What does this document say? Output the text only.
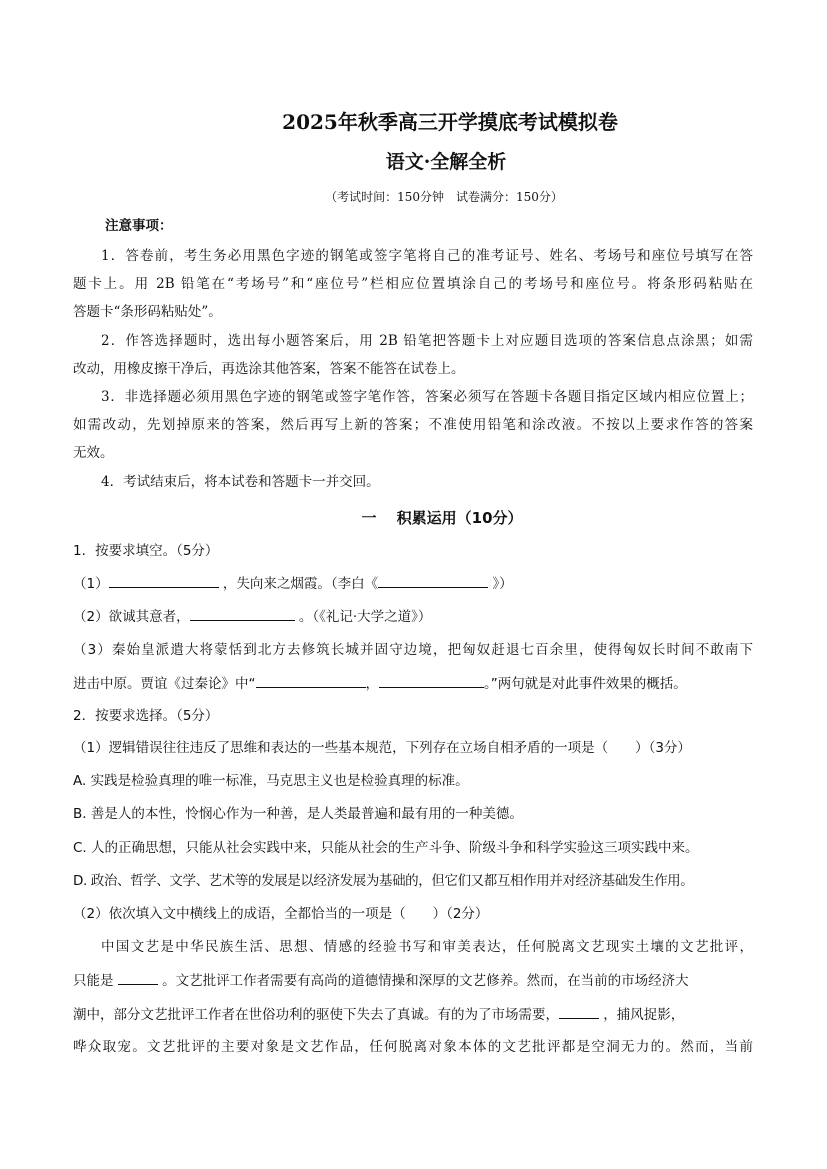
2025年秋季高三开学摸底考试模拟卷
语文·全解全析
（考试时间：150分钟　试卷满分：150分）
注意事项：
1．答卷前，考生务必用黑色字迹的钢笔或签字笔将自己的准考证号、姓名、考场号和座位号填写在答
题卡上。用 2B 铅笔在“考场号”和“座位号”栏相应位置填涂自己的考场号和座位号。将条形码粘贴在
答题卡“条形码粘贴处”。
2．作答选择题时，选出每小题答案后，用 2B 铅笔把答题卡上对应题目选项的答案信息点涂黑；如需
改动，用橡皮擦干净后，再选涂其他答案，答案不能答在试卷上。
3．非选择题必须用黑色字迹的钢笔或签字笔作答，答案必须写在答题卡各题目指定区域内相应位置上；
如需改动，先划掉原来的答案，然后再写上新的答案；不准使用铅笔和涂改液。不按以上要求作答的答案
无效。
4．考试结束后，将本试卷和答题卡一并交回。
一　 积累运用（10分）
1．按要求填空。（5分）
（1）	，失向来之烟霞。（李白《	》）
（2）欲诚其意者，	。（《礼记·大学之道》）
（3）秦始皇派遣大将蒙恬到北方去修筑长城并固守边境，把匈奴赶退七百余里，使得匈奴长时间不敢南下
进击中原。贾谊《过秦论》中“	，	。”两句就是对此事件效果的概括。
2．按要求选择。（5分）
（1）逻辑错误往往违反了思维和表达的一些基本规范，下列存在立场自相矛盾的一项是（　　）（3分）
A. 实践是检验真理的唯一标准，马克思主义也是检验真理的标准。
B. 善是人的本性，怜悯心作为一种善，是人类最普遍和最有用的一种美德。
C. 人的正确思想，只能从社会实践中来，只能从社会的生产斗争、阶级斗争和科学实验这三项实践中来。
D. 政治、哲学、文学、艺术等的发展是以经济发展为基础的，但它们又都互相作用并对经济基础发生作用。
（2）依次填入文中横线上的成语，全都恰当的一项是（　　）（2分）
中国文艺是中华民族生活、思想、情感的经验书写和审美表达，任何脱离文艺现实土壤的文艺批评，
只能是	。文艺批评工作者需要有高尚的道德情操和深厚的文艺修养。然而，在当前的市场经济大
潮中，部分文艺批评工作者在世俗功利的驱使下失去了真诚。有的为了市场需要，	，捕风捉影，
哗众取宠。文艺批评的主要对象是文艺作品，任何脱离对象本体的文艺批评都是空洞无力的。然而，当前
